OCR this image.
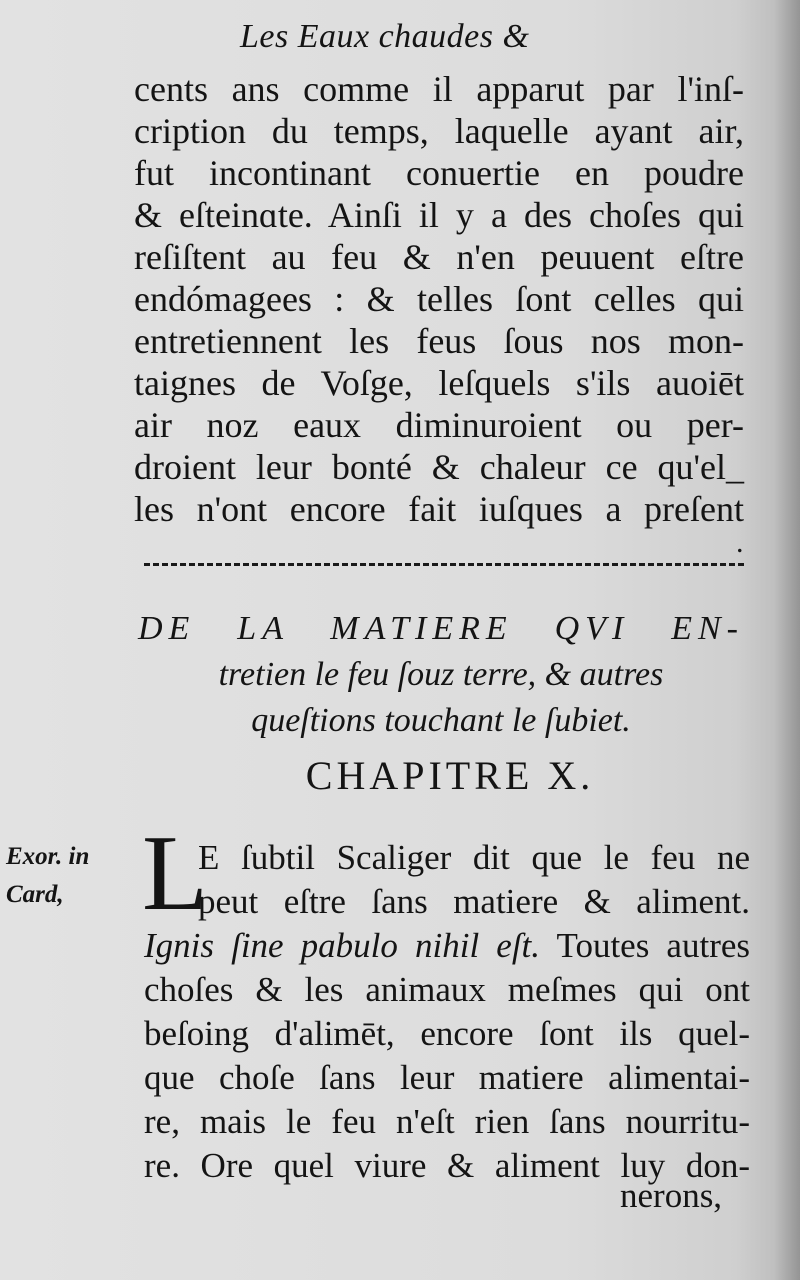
Les Eaux chaudes &
cents ans comme il apparut par l'inſ-
cription du temps, laquelle ayant air,
fut incontinant conuertie en poudre
& eſteinɑte. Ainſi il y a des choſes qui
reſiſtent au feu & n'en peuuent eſtre
endómagees : & telles ſont celles qui
entretiennent les feus ſous nos mon-
taignes de Voſge, leſquels s'ils auoiēt
air noz eaux diminuroient ou per-
droient leur bonté & chaleur ce qu'el_
les n'ont encore fait iuſques a preſent
.
DE LA MATIERE QVI EN-
tretien le feu ſouz terre, & autres
queſtions touchant le ſubiet.
CHAPITRE X.
Exor. in
Card, L
E ſubtil Scaliger dit que le feu ne
peut eſtre ſans matiere & aliment.
Ignis ſine pabulo nihil eſt. Toutes autres
choſes & les animaux meſmes qui ont
beſoing d'alimēt, encore ſont ils quel-
que choſe ſans leur matiere alimentai-
re, mais le feu n'eſt rien ſans nourritu-
re. Ore quel viure & aliment luy don-
nerons,
